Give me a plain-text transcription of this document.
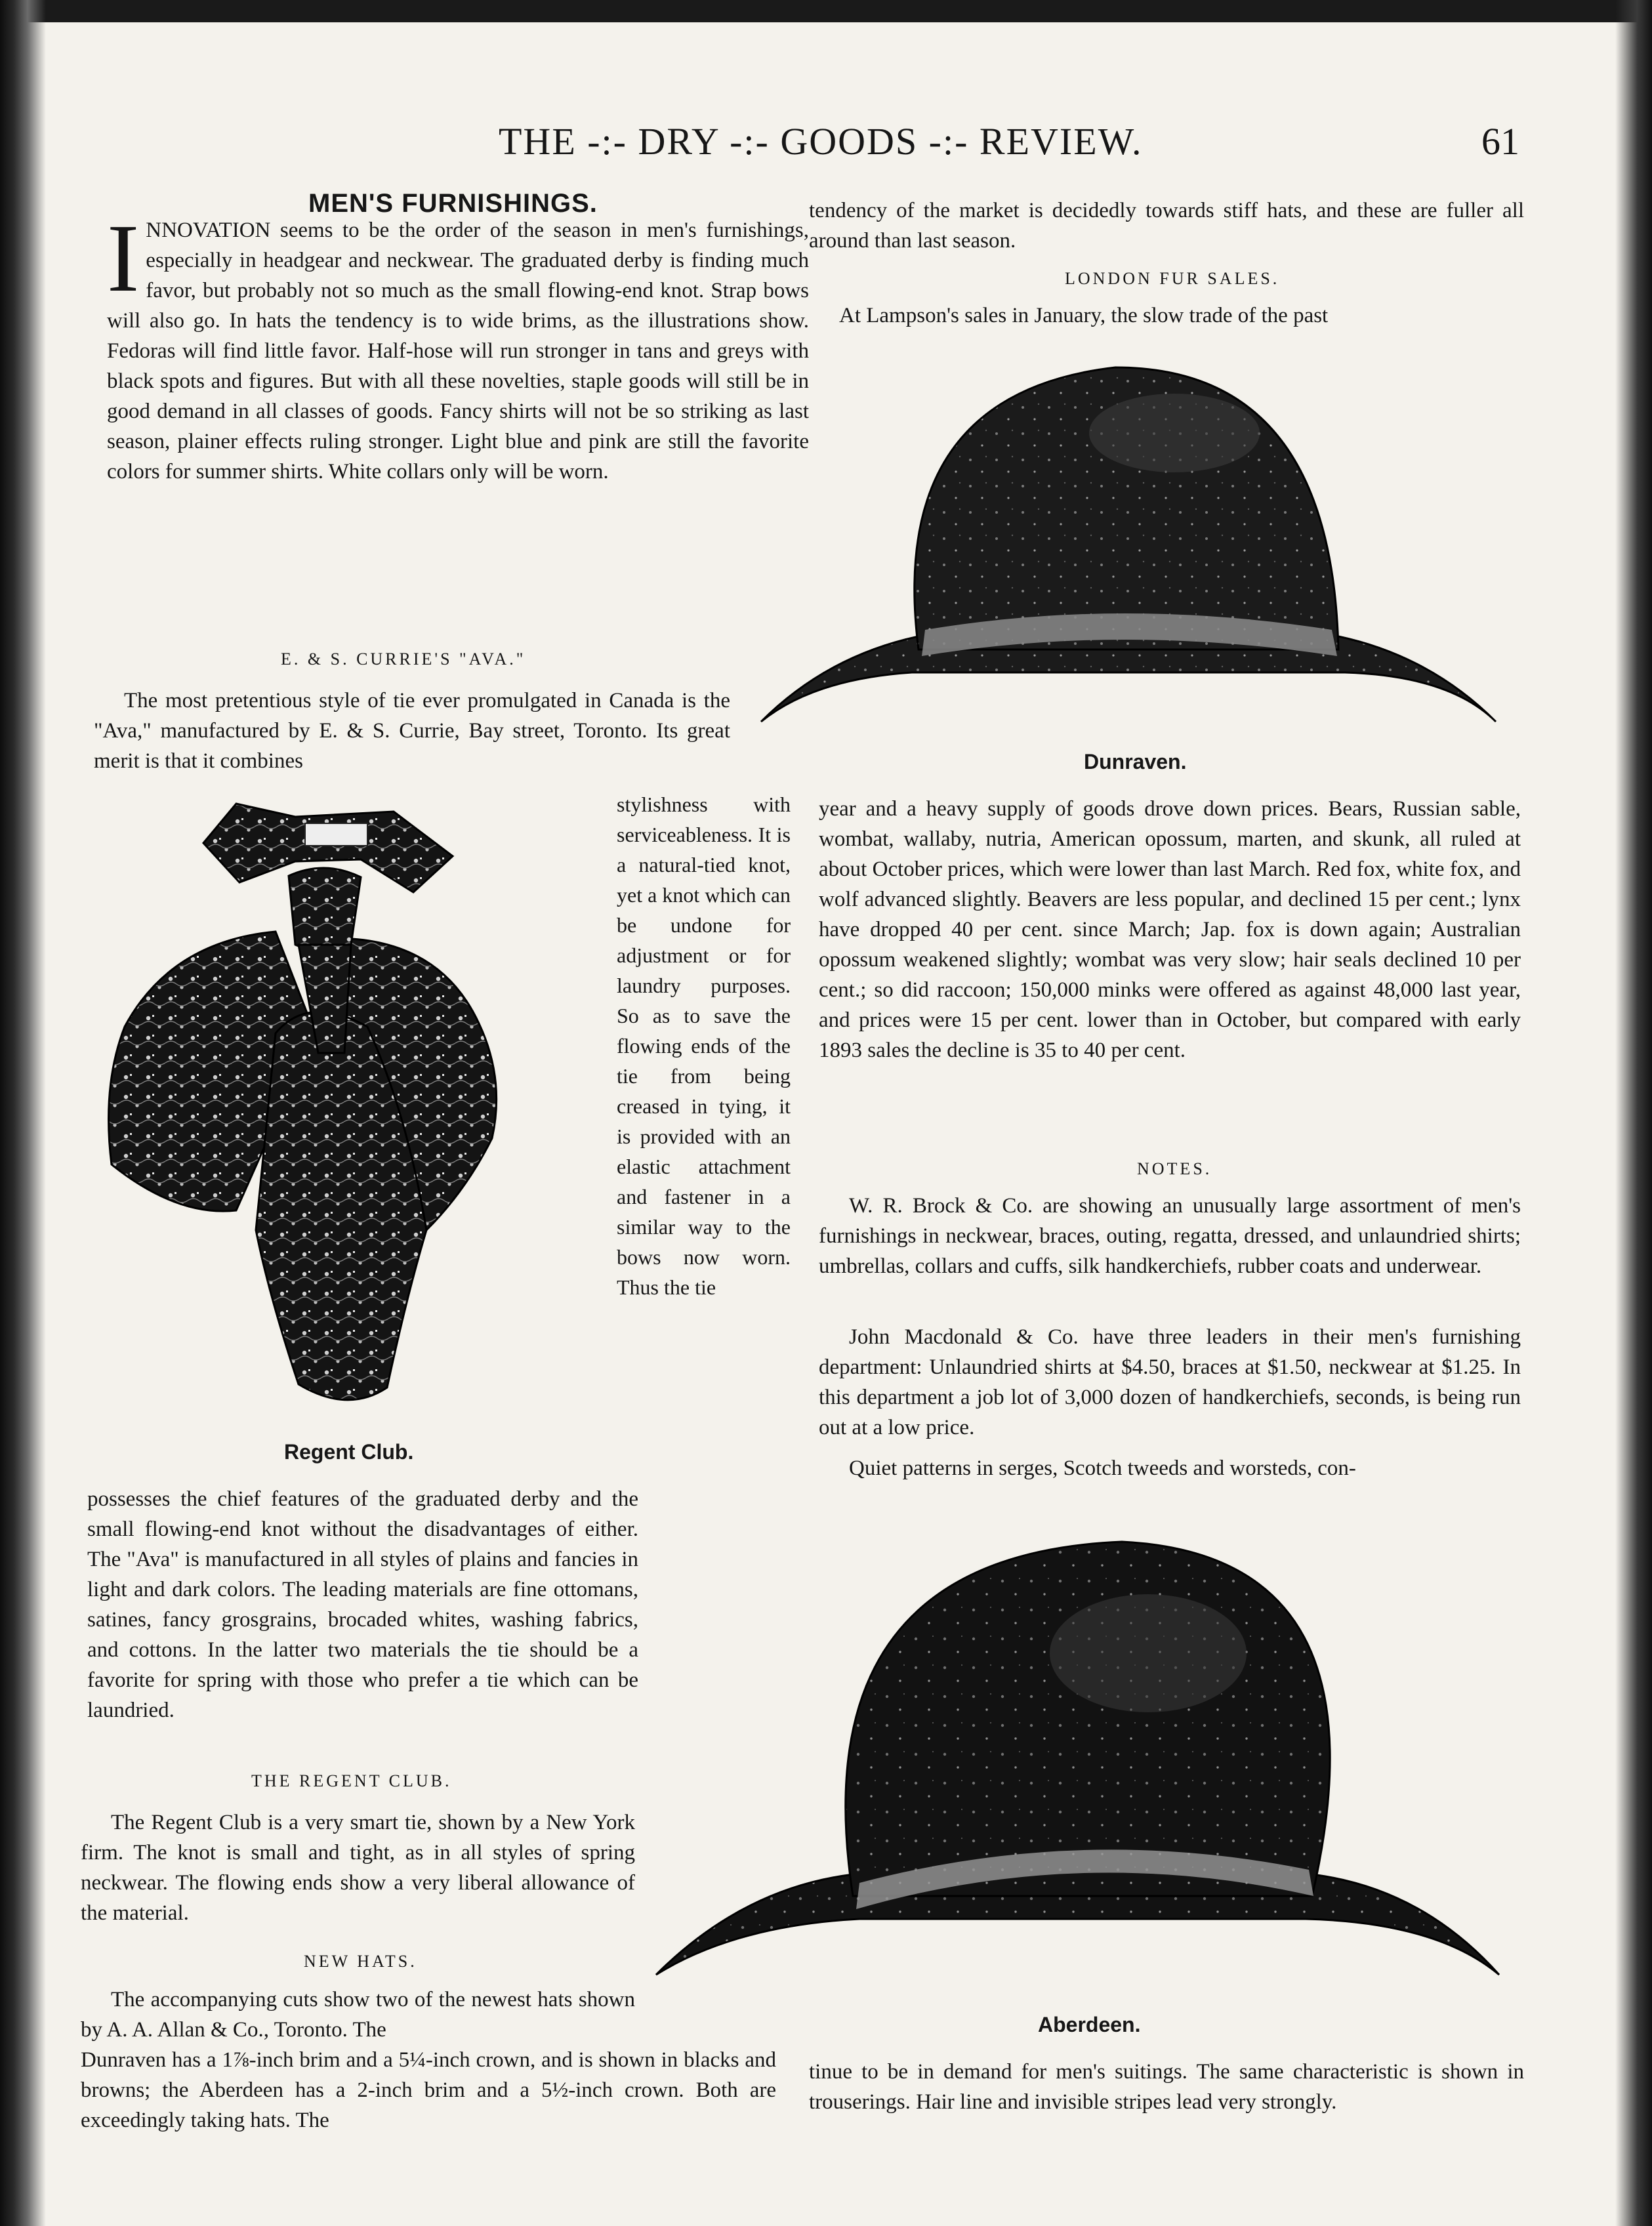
THE -:- DRY -:- GOODS -:- REVIEW.	61
MEN'S FURNISHINGS.
I NNOVATION seems to be the order of the season in men's furnishings, especially in headgear and neckwear. The graduated derby is finding much favor, but probably not so much as the small flowing-end knot. Strap bows will also go. In hats the tendency is to wide brims, as the illustrations show. Fedoras will find little favor. Half-hose will run stronger in tans and greys with black spots and figures. But with all these novelties, staple goods will still be in good demand in all classes of goods. Fancy shirts will not be so striking as last season, plainer effects ruling stronger. Light blue and pink are still the favorite colors for summer shirts. White collars only will be worn.
E. & S. CURRIE'S "AVA."

The most pretentious style of tie ever promulgated in Canada is the "Ava," manufactured by E. & S. Currie, Bay street, Toronto. Its great merit is that it combines

stylishness with serviceableness. It is a natural-tied knot, yet a knot which can be undone for adjustment or for laundry purposes. So as to save the flowing ends of the tie from being creased in tying, it is provided with an elastic attachment and fastener in a similar way to the bows now worn. Thus the tie
Regent Club.
possesses the chief features of the graduated derby and the small flowing-end knot without the disadvantages of either. The "Ava" is manufactured in all styles of plains and fancies in light and dark colors. The leading materials are fine ottomans, satines, fancy grosgrains, brocaded whites, washing fabrics, and cottons. In the latter two materials the tie should be a favorite for spring with those who prefer a tie which can be laundried.
THE REGENT CLUB.

The Regent Club is a very smart tie, shown by a New York firm. The knot is small and tight, as in all styles of spring neckwear. The flowing ends show a very liberal allowance of the material.

NEW HATS.

The accompanying cuts show two of the newest hats shown by A. A. Allan & Co., Toronto. The

Dunraven has a 1⅞-inch brim and a 5¼-inch crown, and is shown in blacks and browns; the Aberdeen has a 2-inch brim and a 5½-inch crown. Both are exceedingly taking hats. The
tendency of the market is decidedly towards stiff hats, and these are fuller all around than last season.
LONDON FUR SALES.

At Lampson's sales in January, the slow trade of the past

Dunraven.
year and a heavy supply of goods drove down prices. Bears, Russian sable, wombat, wallaby, nutria, American opossum, marten, and skunk, all ruled at about October prices, which were lower than last March. Red fox, white fox, and wolf advanced slightly. Beavers are less popular, and declined 15 per cent.; lynx have dropped 40 per cent. since March; Jap. fox is down again; Australian opossum weakened slightly; wombat was very slow; hair seals declined 10 per cent.; so did raccoon; 150,000 minks were offered as against 48,000 last year, and prices were 15 per cent. lower than in October, but compared with early 1893 sales the decline is 35 to 40 per cent.
NOTES.

W. R. Brock & Co. are showing an unusually large assortment of men's furnishings in neckwear, braces, outing, regatta, dressed, and unlaundried shirts; umbrellas, collars and cuffs, silk handkerchiefs, rubber coats and underwear.

John Macdonald & Co. have three leaders in their men's furnishing department: Unlaundried shirts at $4.50, braces at $1.50, neckwear at $1.25. In this department a job lot of 3,000 dozen of handkerchiefs, seconds, is being run out at a low price.

Quiet patterns in serges, Scotch tweeds and worsteds, con-

Aberdeen.
tinue to be in demand for men's suitings. The same characteristic is shown in trouserings. Hair line and invisible stripes lead very strongly.
